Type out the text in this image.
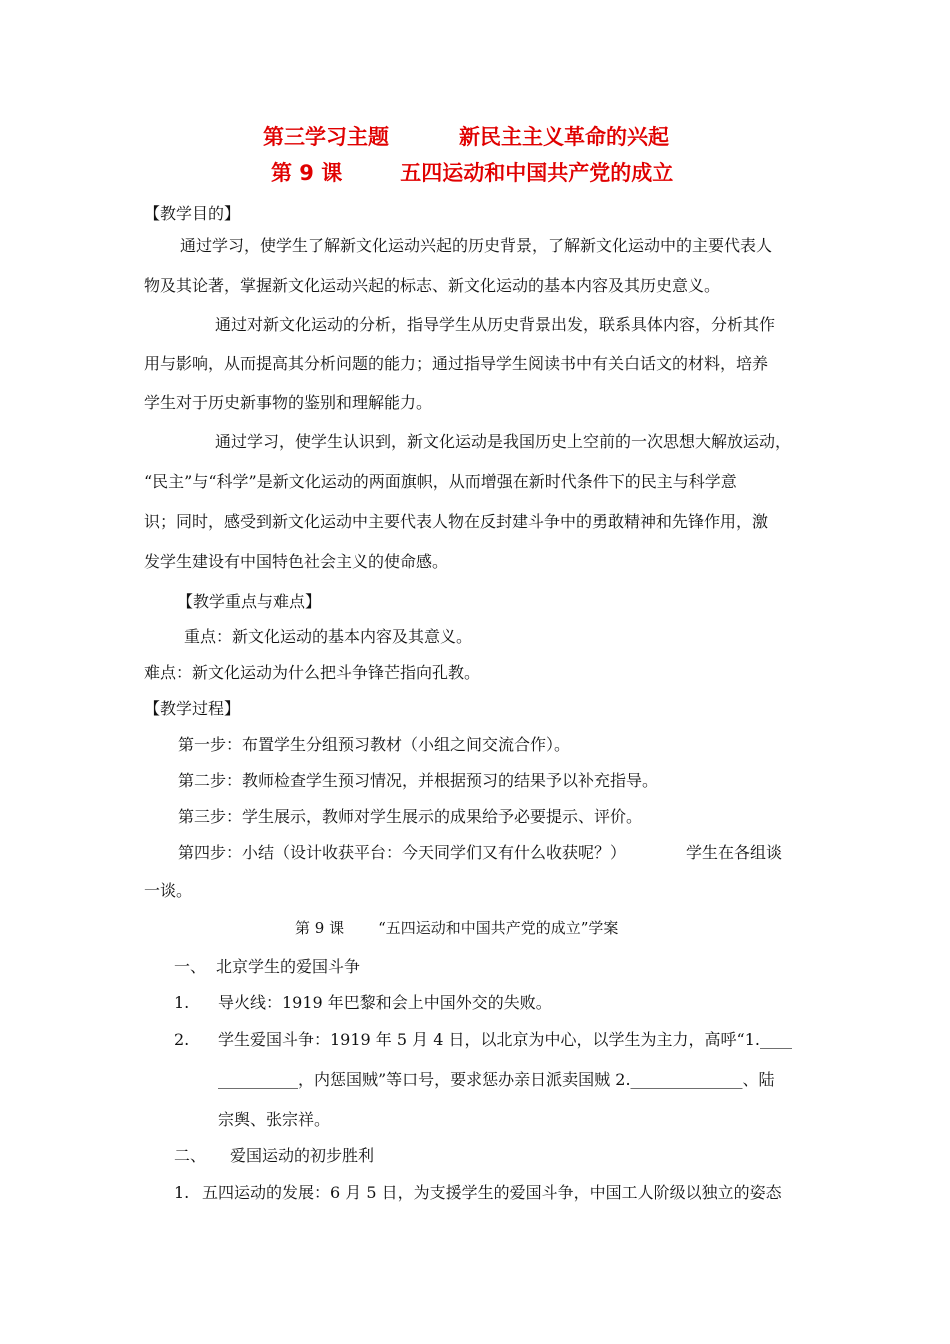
第三学习主题	新民主主义革命的兴起
第 9 课	五四运动和中国共产党的成立
【教学目的】
通过学习，使学生了解新文化运动兴起的历史背景，了解新文化运动中的主要代表人
物及其论著，掌握新文化运动兴起的标志、新文化运动的基本内容及其历史意义。
通过对新文化运动的分析，指导学生从历史背景出发，联系具体内容，分析其作
用与影响，从而提高其分析问题的能力；通过指导学生阅读书中有关白话文的材料，培养
学生对于历史新事物的鉴别和理解能力。
通过学习，使学生认识到，新文化运动是我国历史上空前的一次思想大解放运动，
“民主”与“科学”是新文化运动的两面旗帜，从而增强在新时代条件下的民主与科学意
识；同时，感受到新文化运动中主要代表人物在反封建斗争中的勇敢精神和先锋作用，激
发学生建设有中国特色社会主义的使命感。
【教学重点与难点】
重点：新文化运动的基本内容及其意义。
难点：新文化运动为什么把斗争锋芒指向孔教。
【教学过程】
第一步：布置学生分组预习教材（小组之间交流合作）。
第二步：教师检查学生预习情况，并根据预习的结果予以补充指导。
第三步：学生展示，教师对学生展示的成果给予必要提示、评价。
第四步：小结（设计收获平台：今天同学们又有什么收获呢？）	学生在各组谈
一谈。
第 9 课 “五四运动和中国共产党的成立”学案
一、 北京学生的爱国斗争
1. 导火线：1919 年巴黎和会上中国外交的失败。
2. 学生爱国斗争：1919 年 5 月 4 日，以北京为中心，以学生为主力，高呼“1.____
__________，内惩国贼”等口号，要求惩办亲日派卖国贼 2.______________、陆
宗舆、张宗祥。
二、 爱国运动的初步胜利
1. 五四运动的发展：6 月 5 日，为支援学生的爱国斗争，中国工人阶级以独立的姿态
